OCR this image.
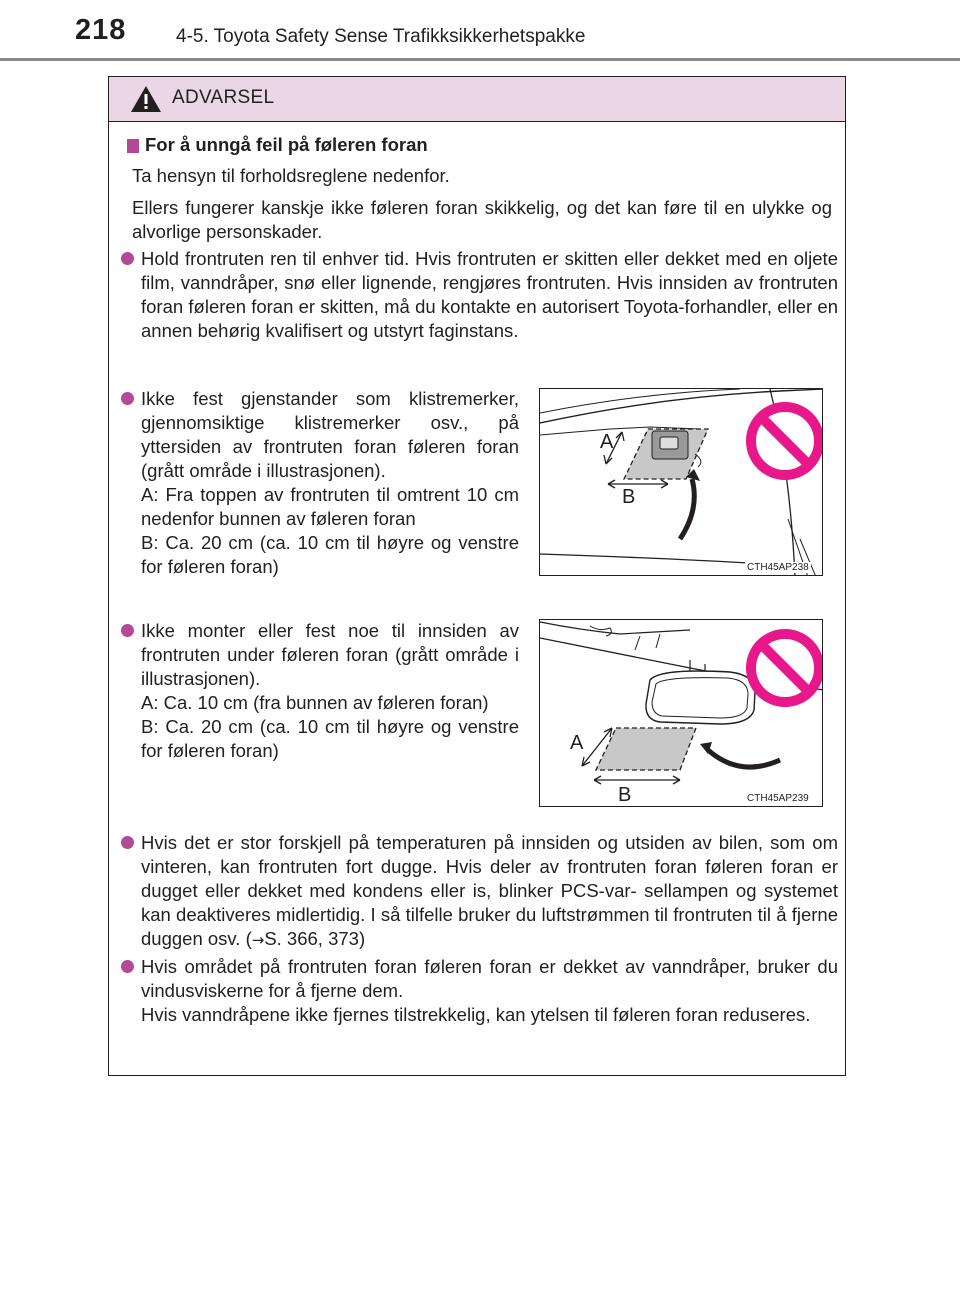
218	4-5. Toyota Safety Sense Trafikksikkerhetspakke
ADVARSEL
For å unngå feil på føleren foran
Ta hensyn til forholdsreglene nedenfor.
Ellers fungerer kanskje ikke føleren foran skikkelig, og det kan føre til en ulykke og alvorlige personskader.
Hold frontruten ren til enhver tid. Hvis frontruten er skitten eller dekket med en oljete film, vanndråper, snø eller lignende, rengjøres frontruten. Hvis innsiden av frontruten foran føleren foran er skitten, må du kontakte en autorisert Toyota-forhandler, eller en annen behørig kvalifisert og utstyrt faginstans.
Ikke fest gjenstander som klistremerker, gjennomsiktige klistremerker osv., på yttersiden av frontruten foran føleren foran (grått område i illustrasjonen).
A: Fra toppen av frontruten til omtrent 10 cm nedenfor bunnen av føleren foran
B: Ca. 20 cm (ca. 10 cm til høyre og venstre for føleren foran)
A
B
CTH45AP238
Ikke monter eller fest noe til innsiden av frontruten under føleren foran (grått område i illustrasjonen).
A: Ca. 10 cm (fra bunnen av føleren foran)
B: Ca. 20 cm (ca. 10 cm til høyre og venstre for føleren foran)	A
B	CTH45AP239
Hvis det er stor forskjell på temperaturen på innsiden og utsiden av bilen, som om vinteren, kan frontruten fort dugge. Hvis deler av frontruten foran føleren foran er dugget eller dekket med kondens eller is, blinker PCS-var- sellampen og systemet kan deaktiveres midlertidig. I så tilfelle bruker du luftstrømmen til frontruten til å fjerne duggen osv. (→S. 366, 373)
Hvis området på frontruten foran føleren foran er dekket av vanndråper, bruker du vindusviskerne for å fjerne dem.
Hvis vanndråpene ikke fjernes tilstrekkelig, kan ytelsen til føleren foran reduseres.
